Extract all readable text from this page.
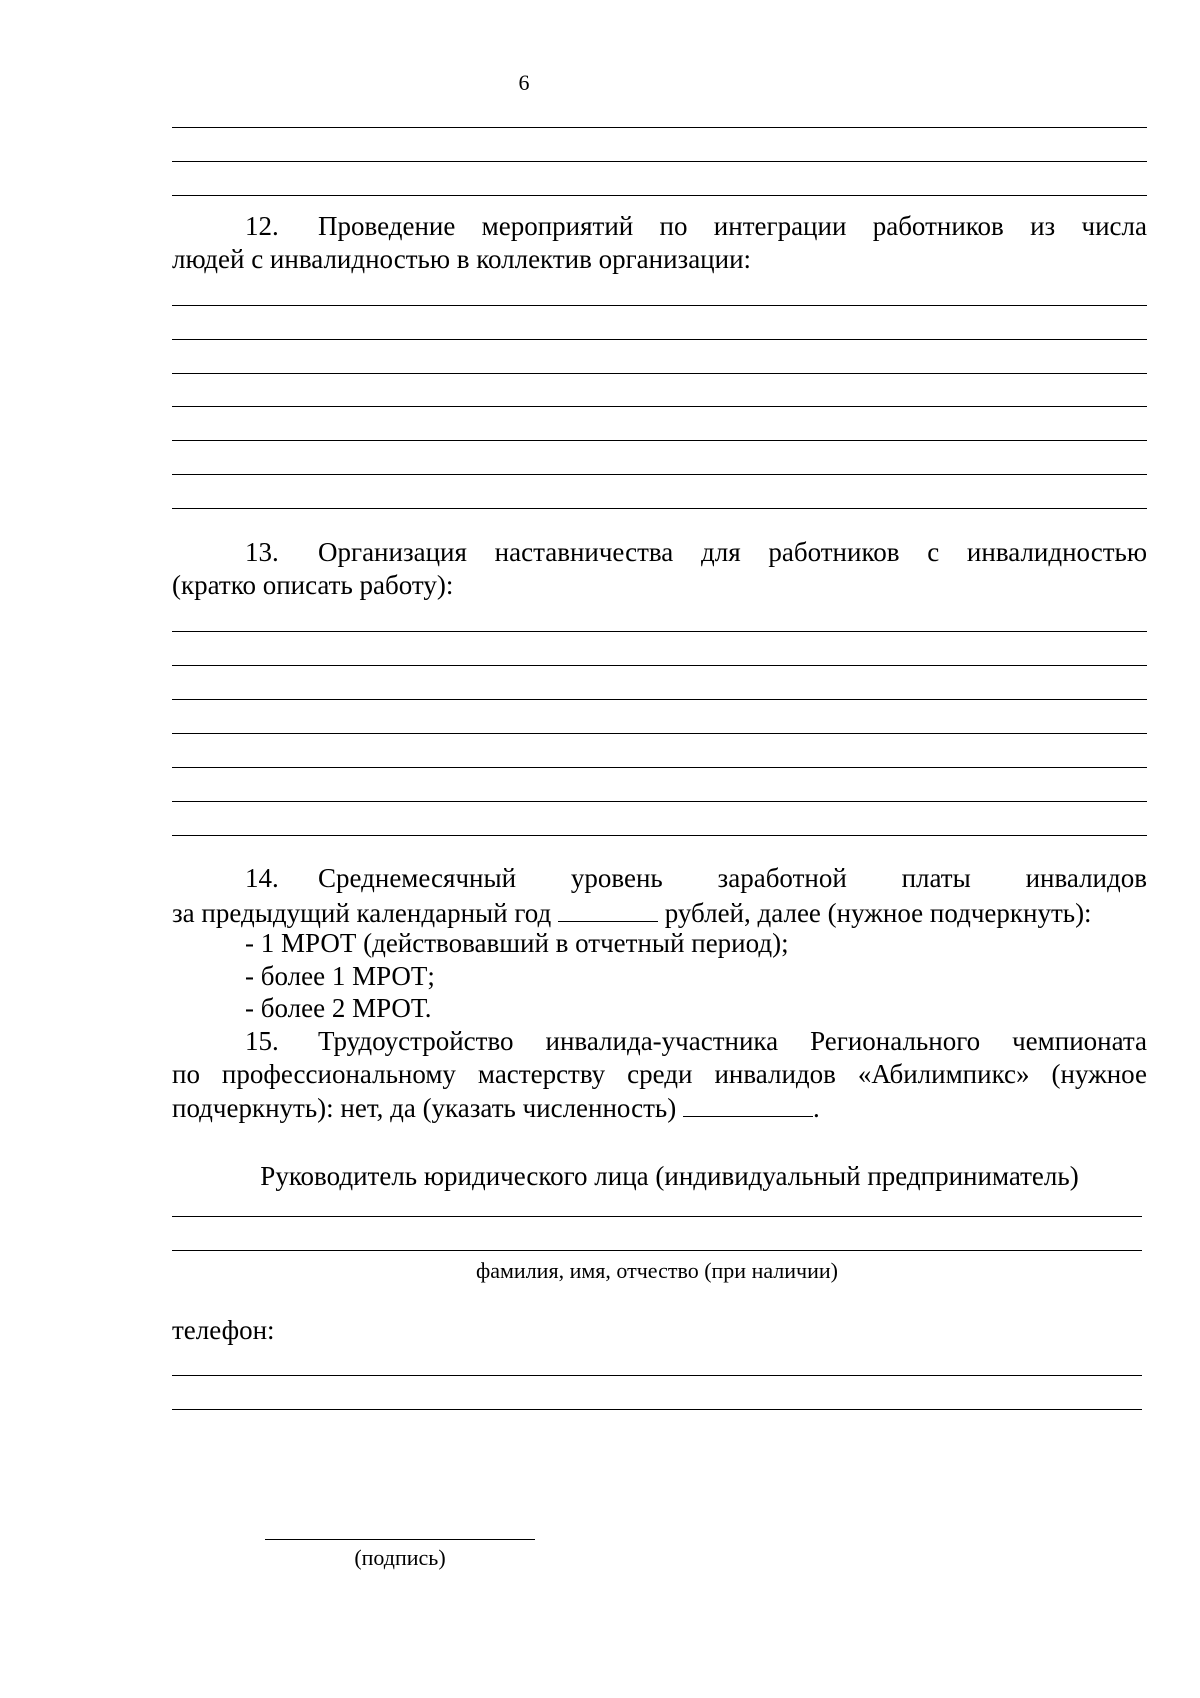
6
12. Проведение мероприятий по интеграции работников из числа
людей с инвалидностью в коллектив организации:
13. Организация наставничества для работников с инвалидностью
(кратко описать работу):
14. Среднемесячный уровень заработной платы инвалидов
за предыдущий календарный год	рублей, далее (нужное подчеркнуть):
- 1 МРОТ (действовавший в отчетный период);
- более 1 МРОТ;
- более 2 МРОТ.
15. Трудоустройство инвалида-участника Регионального чемпионата
по профессиональному мастерству среди инвалидов «Абилимпикс» (нужное
подчеркнуть): нет, да (указать численность)	.
Руководитель юридического лица (индивидуальный предприниматель)
фамилия, имя, отчество (при наличии)
телефон:
(подпись)
